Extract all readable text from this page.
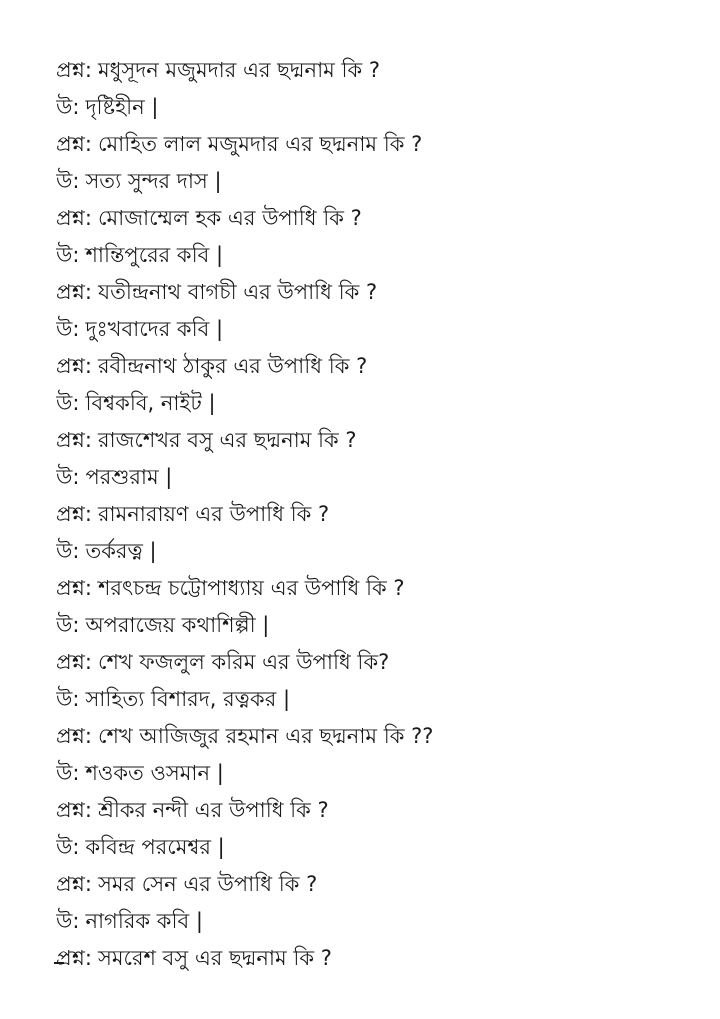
প্রশ্ন: মধুসূদন মজুমদার এর ছদ্মনাম কি ?
উ: দৃষ্টিহীন |
প্রশ্ন: মোহিত লাল মজুমদার এর ছদ্মনাম কি ?
উ: সত্য সুন্দর দাস |
প্রশ্ন: মোজাম্মেল হক এর উপাধি কি ?
উ: শান্তিপুরের কবি |
প্রশ্ন: যতীন্দ্রনাথ বাগচী এর উপাধি কি ?
উ: দুঃখবাদের কবি |
প্রশ্ন: রবীন্দ্রনাথ ঠাকুর এর উপাধি কি ?
উ: বিশ্বকবি, নাইট |
প্রশ্ন: রাজশেখর বসু এর ছদ্মনাম কি ?
উ: পরশুরাম |
প্রশ্ন: রামনারায়ণ এর উপাধি কি ?
উ: তর্করত্ন |
প্রশ্ন: শরৎচন্দ্র চট্টোপাধ্যায় এর উপাধি কি ?
উ: অপরাজেয় কথাশিল্পী |
প্রশ্ন: শেখ ফজলুল করিম এর উপাধি কি?
উ: সাহিত্য বিশারদ, রত্নকর |
প্রশ্ন: শেখ আজিজুর রহমান এর ছদ্মনাম কি ??
উ: শওকত ওসমান |
প্রশ্ন: শ্রীকর নন্দী এর উপাধি কি ?
উ: কবিন্দ্র পরমেশ্বর |
প্রশ্ন: সমর সেন এর উপাধি কি ?
উ: নাগরিক কবি |
প্রশ্ন: সমরেশ বসু এর ছদ্মনাম কি ?
